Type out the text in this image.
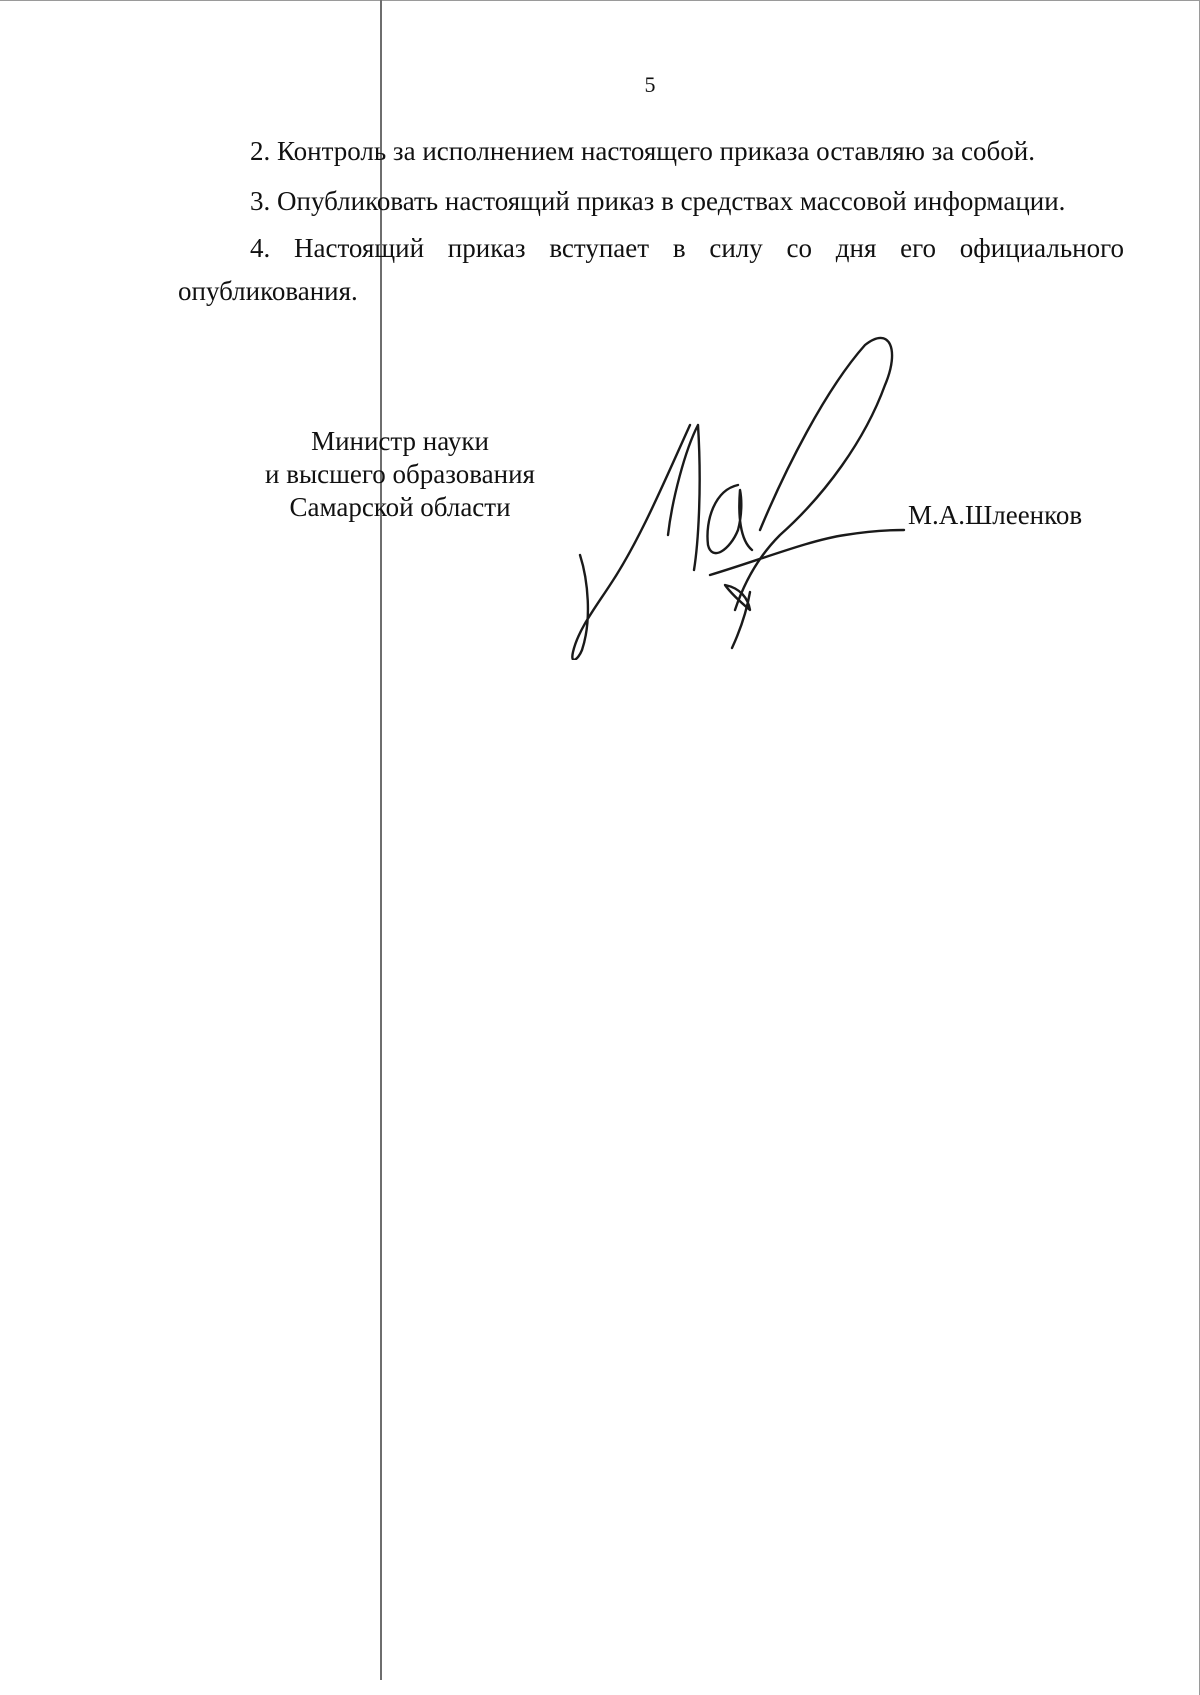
5

2. Контроль за исполнением настоящего приказа оставляю за собой.

3. Опубликовать настоящий приказ в средствах массовой информации.

4. Настоящий приказ вступает в силу со дня его официального
опубликования.

Министр науки
и высшего образования
Самарской области	М.А.Шлеенков
